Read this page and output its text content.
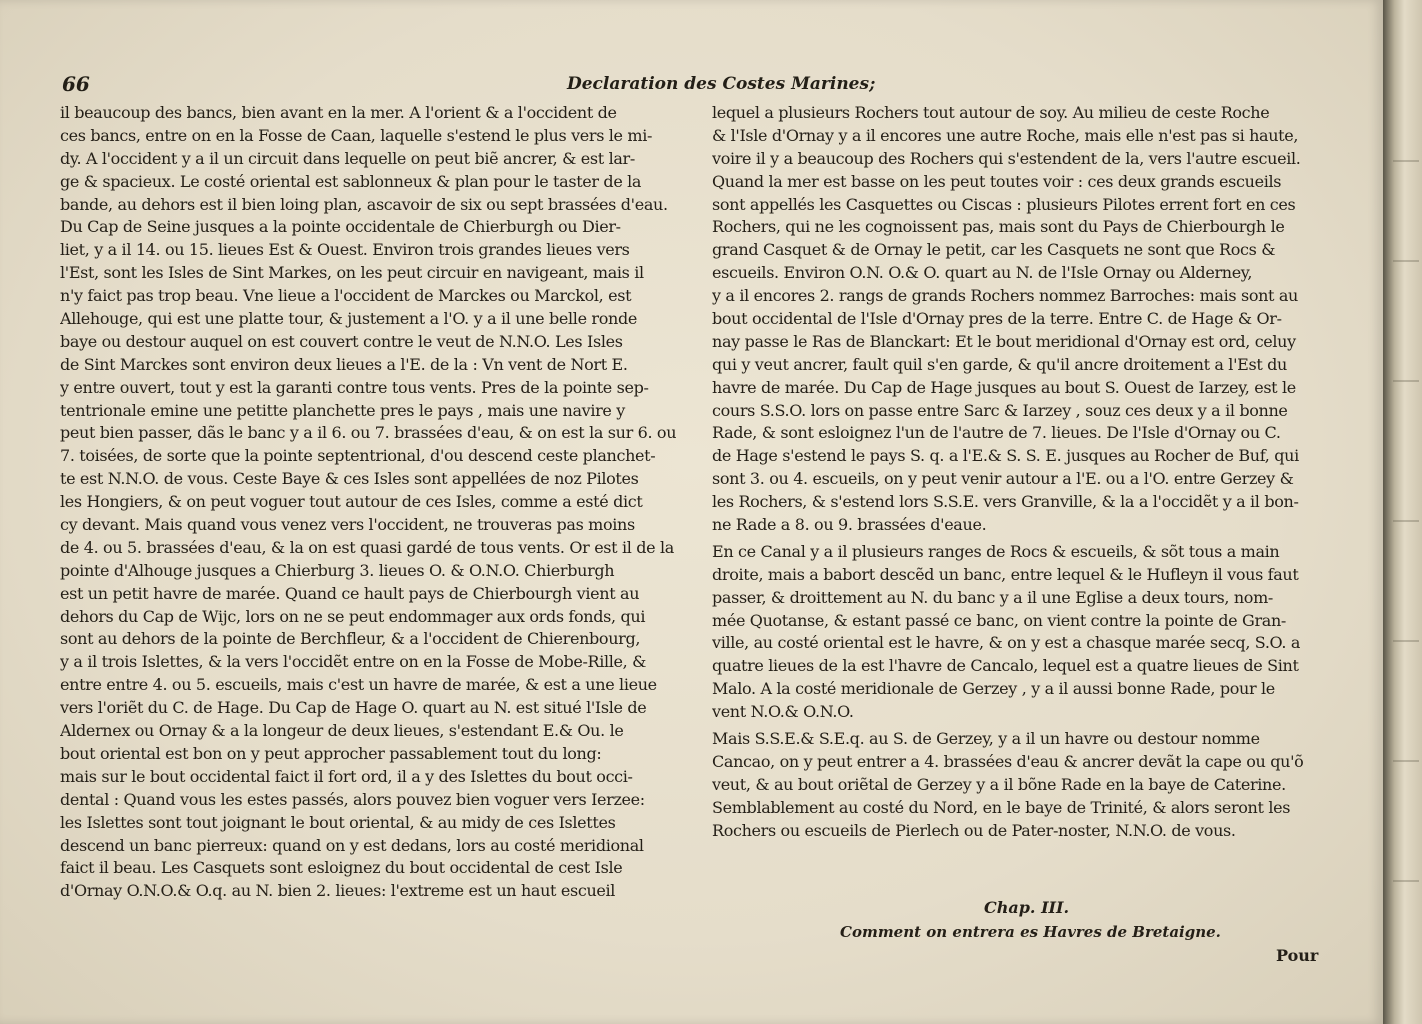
66	Declaration des Costes Marines;
il beaucoup des bancs, bien avant en la mer. A l'orient & a l'occident de
ces bancs, entre on en la Fosse de Caan, laquelle s'estend le plus vers le mi-
dy. A l'occident y a il un circuit dans lequelle on peut biẽ ancrer, & est lar-
ge & spacieux. Le costé oriental est sablonneux & plan pour le taster de la
bande, au dehors est il bien loing plan, ascavoir de six ou sept brassées d'eau.
Du Cap de Seine jusques a la pointe occidentale de Chierburgh ou Dier-
liet, y a il 14. ou 15. lieues Est & Ouest. Environ trois grandes lieues vers
l'Est, sont les Isles de Sint Markes, on les peut circuir en navigeant, mais il
n'y faict pas trop beau. Vne lieue a l'occident de Marckes ou Marckol, est
Allehouge, qui est une platte tour, & justement a l'O. y a il une belle ronde
baye ou destour auquel on est couvert contre le veut de N.N.O. Les Isles
de Sint Marckes sont environ deux lieues a l'E. de la : Vn vent de Nort E.
y entre ouvert, tout y est la garanti contre tous vents. Pres de la pointe sep-
tentrionale emine une petitte planchette pres le pays , mais une navire y
peut bien passer, dãs le banc y a il 6. ou 7. brassées d'eau, & on est la sur 6. ou
7. toisées, de sorte que la pointe septentrional, d'ou descend ceste planchet-
te est N.N.O. de vous. Ceste Baye & ces Isles sont appellées de noz Pilotes
les Hongiers, & on peut voguer tout autour de ces Isles, comme a esté dict
cy devant. Mais quand vous venez vers l'occident, ne trouveras pas moins
de 4. ou 5. brassées d'eau, & la on est quasi gardé de tous vents. Or est il de la
pointe d'Alhouge jusques a Chierburg 3. lieues O. & O.N.O. Chierburgh
est un petit havre de marée. Quand ce hault pays de Chierbourgh vient au
dehors du Cap de Wijc, lors on ne se peut endommager aux ords fonds, qui
sont au dehors de la pointe de Berchfleur, & a l'occident de Chierenbourg,
y a il trois Islettes, & la vers l'occidẽt entre on en la Fosse de Mobe-Rille, &
entre entre 4. ou 5. escueils, mais c'est un havre de marée, & est a une lieue
vers l'oriẽt du C. de Hage. Du Cap de Hage O. quart au N. est situé l'Isle de
Aldernex ou Ornay & a la longeur de deux lieues, s'estendant E.& Ou. le
bout oriental est bon on y peut approcher passablement tout du long:
mais sur le bout occidental faict il fort ord, il a y des Islettes du bout occi-
dental : Quand vous les estes passés, alors pouvez bien voguer vers Ierzee:
les Islettes sont tout joignant le bout oriental, & au midy de ces Islettes
descend un banc pierreux: quand on y est dedans, lors au costé meridional
faict il beau. Les Casquets sont esloignez du bout occidental de cest Isle
d'Ornay O.N.O.& O.q. au N. bien 2. lieues: l'extreme est un haut escueil
lequel a plusieurs Rochers tout autour de soy. Au milieu de ceste Roche
& l'Isle d'Ornay y a il encores une autre Roche, mais elle n'est pas si haute,
voire il y a beaucoup des Rochers qui s'estendent de la, vers l'autre escueil.
Quand la mer est basse on les peut toutes voir : ces deux grands escueils
sont appellés les Casquettes ou Ciscas : plusieurs Pilotes errent fort en ces
Rochers, qui ne les cognoissent pas, mais sont du Pays de Chierbourgh le
grand Casquet & de Ornay le petit, car les Casquets ne sont que Rocs &
escueils. Environ O.N. O.& O. quart au N. de l'Isle Ornay ou Alderney,
y a il encores 2. rangs de grands Rochers nommez Barroches: mais sont au
bout occidental de l'Isle d'Ornay pres de la terre. Entre C. de Hage & Or-
nay passe le Ras de Blanckart: Et le bout meridional d'Ornay est ord, celuy
qui y veut ancrer, fault quil s'en garde, & qu'il ancre droitement a l'Est du
havre de marée. Du Cap de Hage jusques au bout S. Ouest de Iarzey, est le
cours S.S.O. lors on passe entre Sarc & Iarzey , souz ces deux y a il bonne
Rade, & sont esloignez l'un de l'autre de 7. lieues. De l'Isle d'Ornay ou C.
de Hage s'estend le pays S. q. a l'E.& S. S. E. jusques au Rocher de Buf, qui
sont 3. ou 4. escueils, on y peut venir autour a l'E. ou a l'O. entre Gerzey &
les Rochers, & s'estend lors S.S.E. vers Granville, & la a l'occidẽt y a il bon-
ne Rade a 8. ou 9. brassées d'eaue.
En ce Canal y a il plusieurs ranges de Rocs & escueils, & sõt tous a main
droite, mais a babort descẽd un banc, entre lequel & le Hufleyn il vous faut
passer, & droittement au N. du banc y a il une Eglise a deux tours, nom-
mée Quotanse, & estant passé ce banc, on vient contre la pointe de Gran-
ville, au costé oriental est le havre, & on y est a chasque marée secq, S.O. a
quatre lieues de la est l'havre de Cancalo, lequel est a quatre lieues de Sint
Malo. A la costé meridionale de Gerzey , y a il aussi bonne Rade, pour le
vent N.O.& O.N.O.
Mais S.S.E.& S.E.q. au S. de Gerzey, y a il un havre ou destour nomme
Cancao, on y peut entrer a 4. brassées d'eau & ancrer devãt la cape ou qu'õ
veut, & au bout oriẽtal de Gerzey y a il bõne Rade en la baye de Caterine.
Semblablement au costé du Nord, en le baye de Trinité, & alors seront les
Rochers ou escueils de Pierlech ou de Pater-noster, N.N.O. de vous.
Chap. III.
Comment on entrera es Havres de Bretaigne.
Pour
